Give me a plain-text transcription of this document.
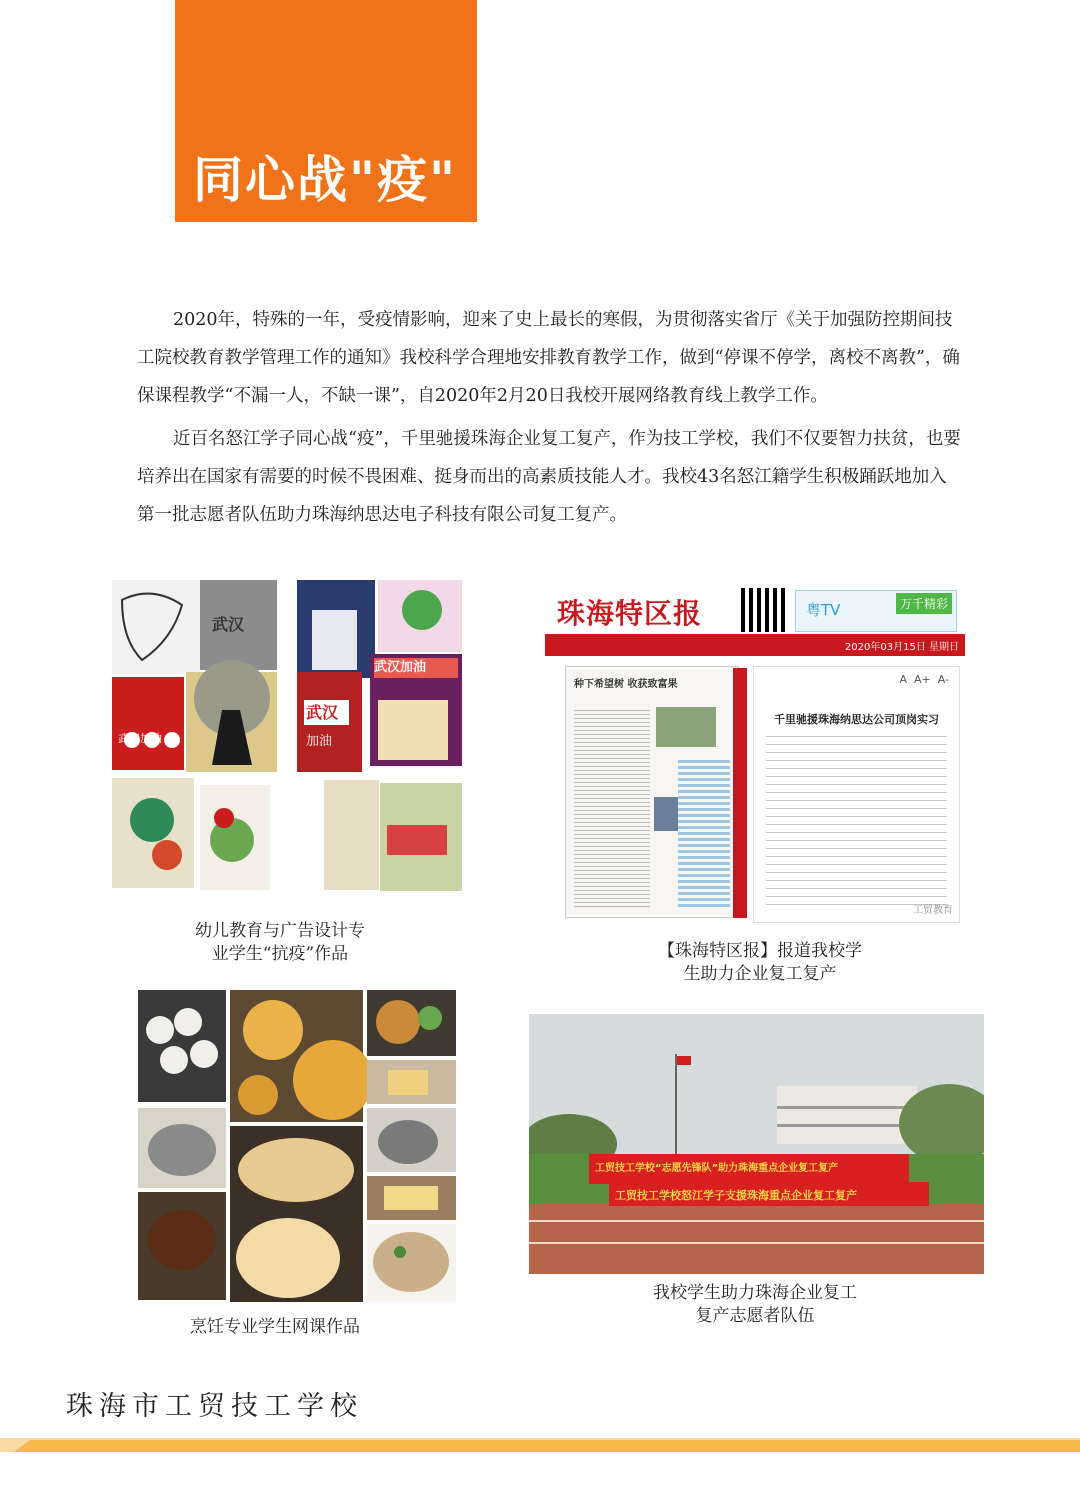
同心战"疫"
2020年，特殊的一年，受疫情影响，迎来了史上最长的寒假，为贯彻落实省厅《关于加强防控期间技工院校教育教学管理工作的通知》我校科学合理地安排教育教学工作，做到“停课不停学，离校不离教”，确保课程教学“不漏一人，不缺一课”，自2020年2月20日我校开展网络教育线上教学工作。
近百名怒江学子同心战“疫”，千里驰援珠海企业复工复产，作为技工学校，我们不仅要智力扶贫，也要培养出在国家有需要的时候不畏困难、挺身而出的高素质技能人才。我校43名怒江籍学生积极踊跃地加入第一批志愿者队伍助力珠海纳思达电子科技有限公司复工复产。
武汉
武汉加油
武汉加油
武汉
加油
幼儿教育与广告设计专
业学生“抗疫”作品
珠海特区报	粤TV	万千精彩
2020年03月15日 星期日
种下希望树 收获致富果	A A+ A-
千里驰援珠海纳思达公司顶岗实习
工贸教育
【珠海特区报】报道我校学
生助力企业复工复产
烹饪专业学生网课作品
工贸技工学校“志愿先锋队”助力珠海重点企业复工复产
工贸技工学校怒江学子支援珠海重点企业复工复产
我校学生助力珠海企业复工
复产志愿者队伍
珠海市工贸技工学校
